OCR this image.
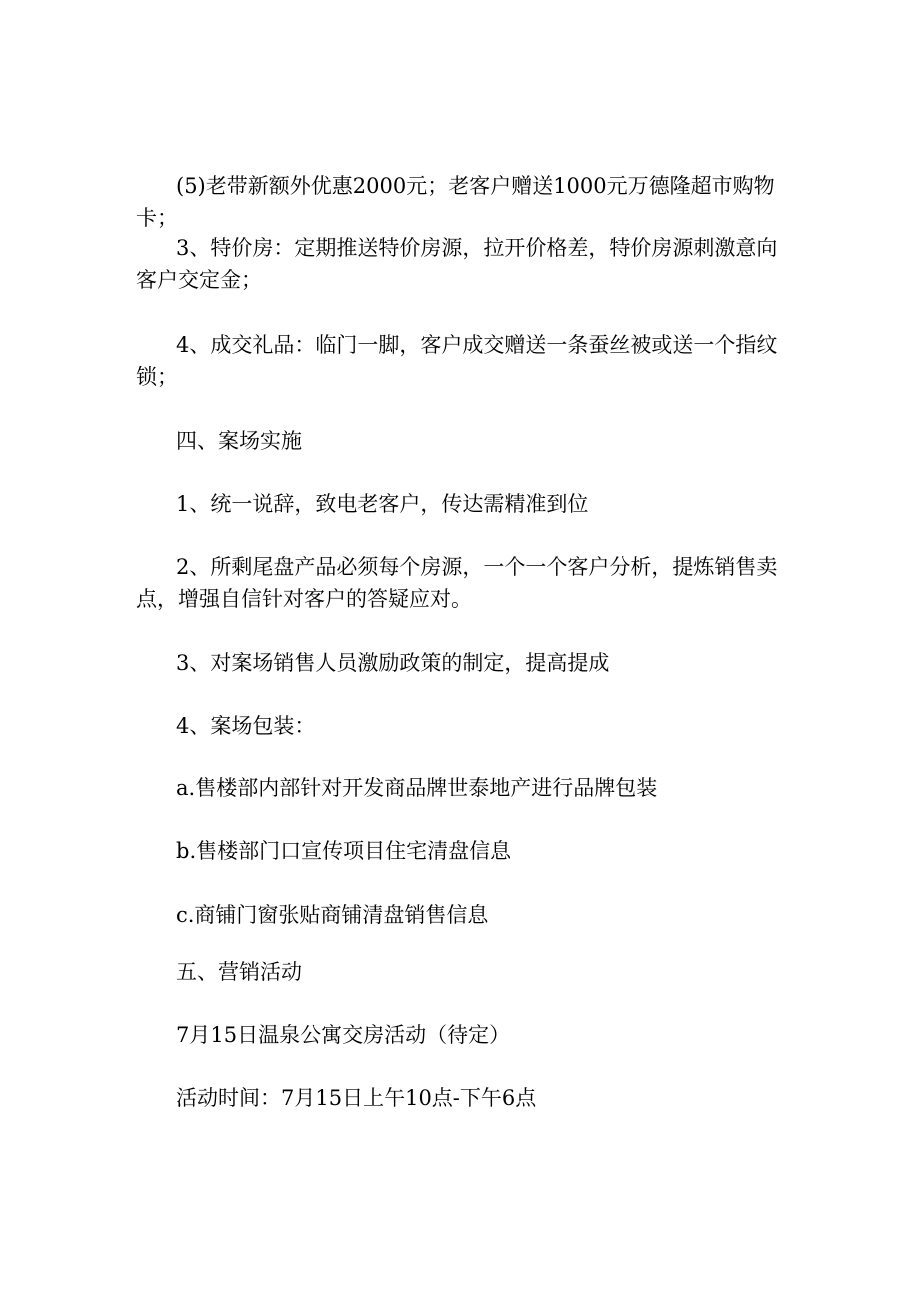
(5)老带新额外优惠2000元；老客户赠送1000元万德隆超市购物卡；

3、特价房：定期推送特价房源，拉开价格差，特价房源刺激意向客户交定金；

4、成交礼品：临门一脚，客户成交赠送一条蚕丝被或送一个指纹锁；

四、案场实施

1、统一说辞，致电老客户，传达需精准到位

2、所剩尾盘产品必须每个房源，一个一个客户分析，提炼销售卖点，增强自信针对客户的答疑应对。

3、对案场销售人员激励政策的制定，提高提成

4、案场包装：

a.售楼部内部针对开发商品牌世泰地产进行品牌包装

b.售楼部门口宣传项目住宅清盘信息

c.商铺门窗张贴商铺清盘销售信息

五、营销活动

7月15日温泉公寓交房活动（待定）

活动时间：7月15日上午10点-下午6点
